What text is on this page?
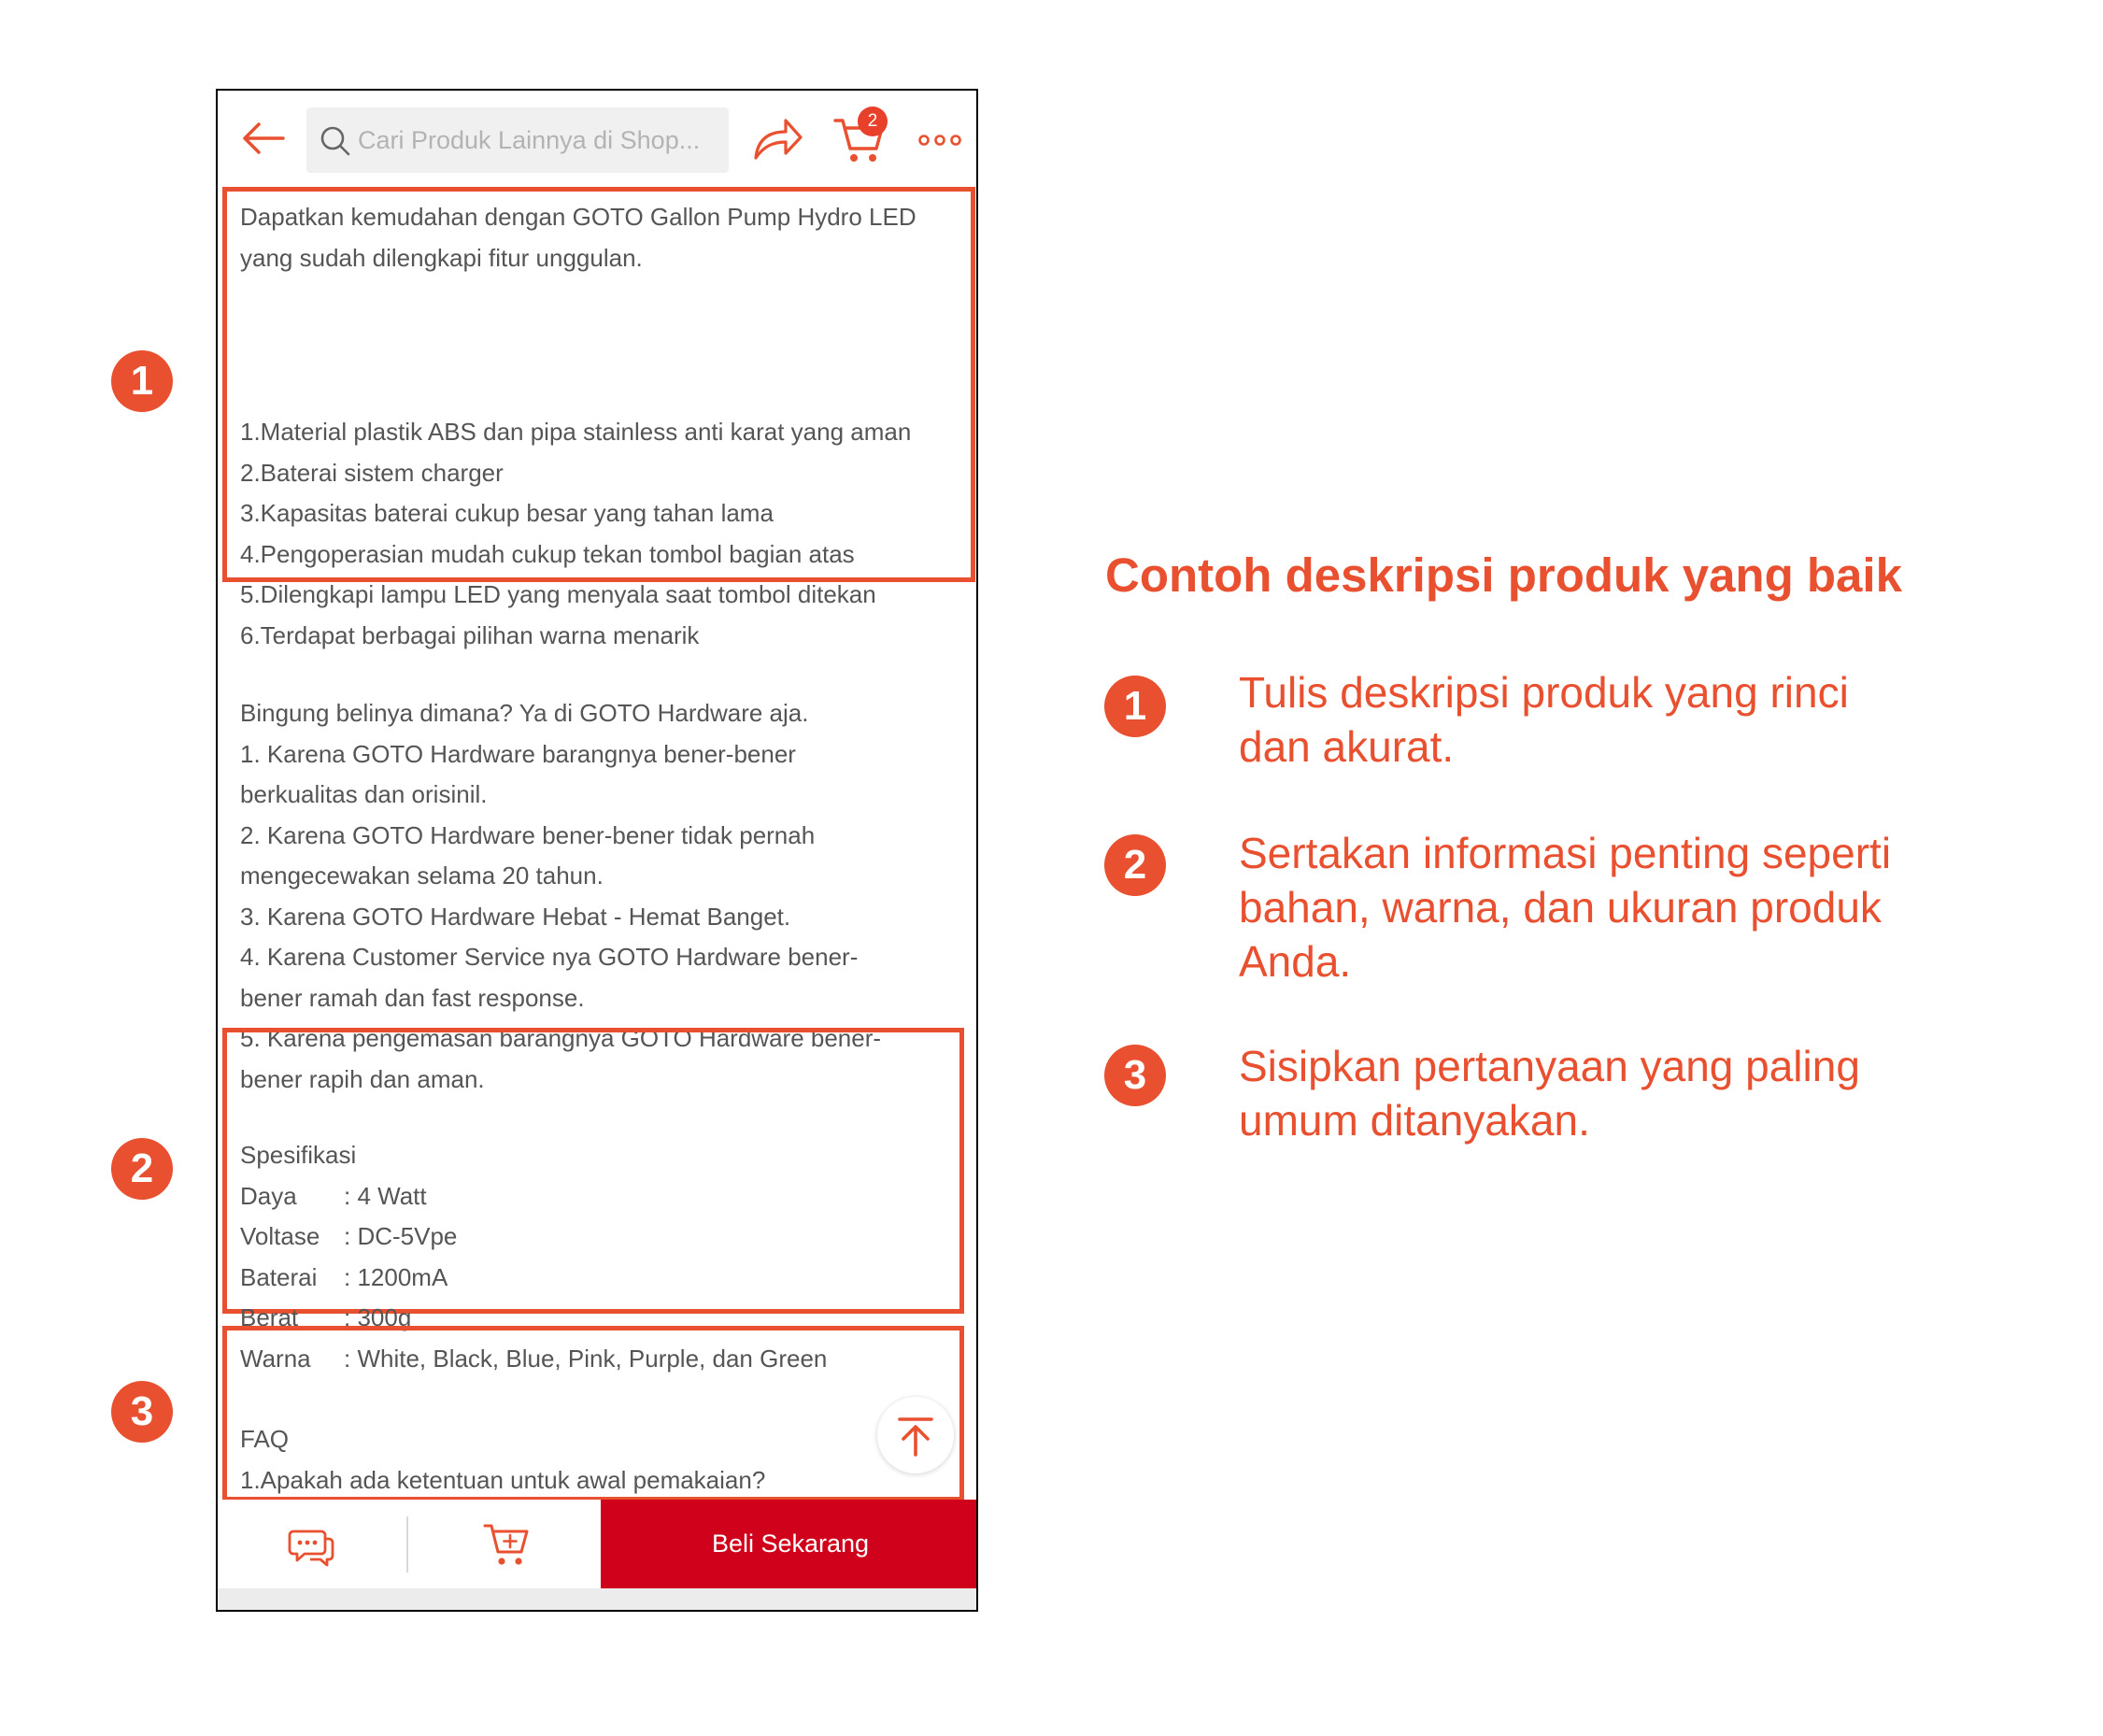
Cari Produk Lainnya di Shop...
2
Dapatkan kemudahan dengan GOTO Gallon Pump Hydro LED
yang sudah dilengkapi fitur unggulan.
1.Material plastik ABS dan pipa stainless anti karat yang aman
2.Baterai sistem charger
3.Kapasitas baterai cukup besar yang tahan lama
4.Pengoperasian mudah cukup tekan tombol bagian atas
5.Dilengkapi lampu LED yang menyala saat tombol ditekan
6.Terdapat berbagai pilihan warna menarik
Bingung belinya dimana? Ya di GOTO Hardware aja.
1. Karena GOTO Hardware barangnya bener-bener
berkualitas dan orisinil.
2. Karena GOTO Hardware bener-bener tidak pernah
mengecewakan selama 20 tahun.
3. Karena GOTO Hardware Hebat - Hemat Banget.
4. Karena Customer Service nya GOTO Hardware bener-
bener ramah dan fast response.
5. Karena pengemasan barangnya GOTO Hardware bener-
bener rapih dan aman.
Spesifikasi
Daya	: 4 Watt
Voltase : DC-5Vpe
Baterai	: 1200mA
Berat	: 300g
Warna	: White, Black, Blue, Pink, Purple, dan Green
FAQ
1.Apakah ada ketentuan untuk awal pemakaian?
Beli Sekarang
1
2
3
Contoh deskripsi produk yang baik
1	Tulis deskripsi produk yang rinci
dan akurat.
2	Sertakan informasi penting seperti
bahan, warna, dan ukuran produk
Anda.
3	Sisipkan pertanyaan yang paling
umum ditanyakan.
